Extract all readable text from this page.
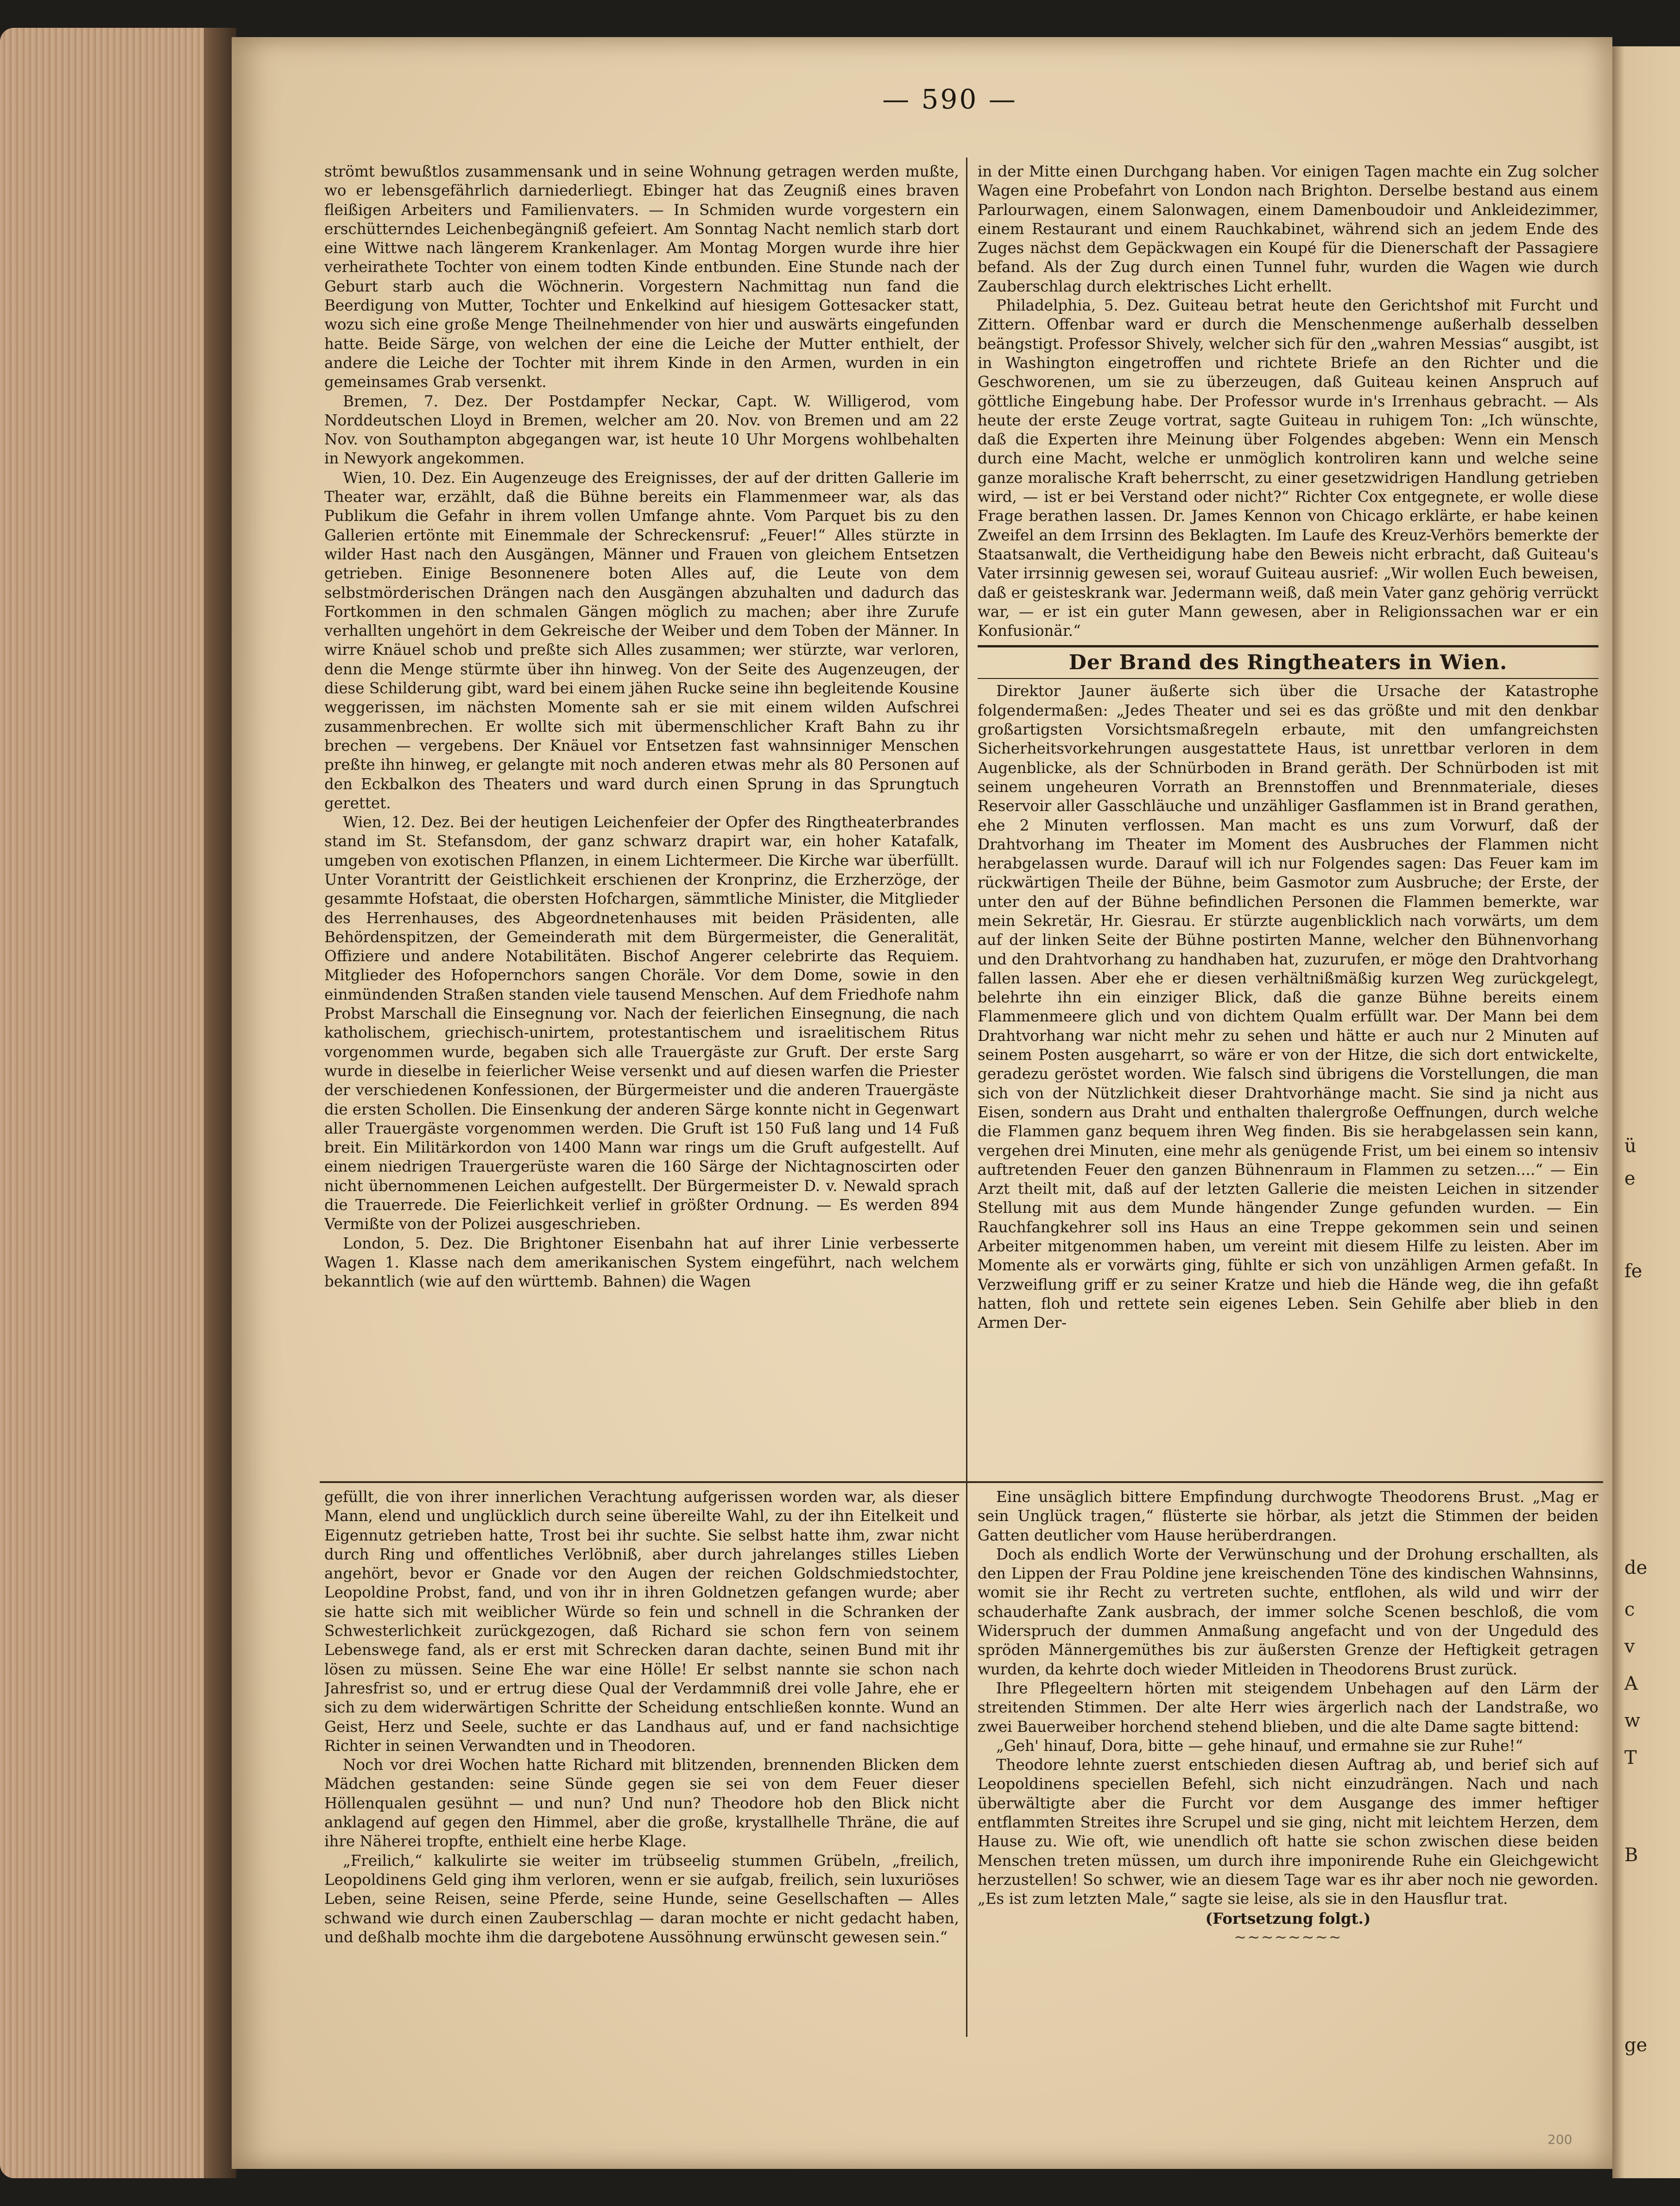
ü
e
fe
de
c
v
A
w
T
ge
B
— 590 —

strömt bewußtlos zusammensank und in seine Wohnung getragen werden mußte, wo er lebensgefährlich darniederliegt. Ebinger hat das Zeugniß eines braven fleißigen Arbeiters und Familienvaters. — In Schmiden wurde vorgestern ein erschütterndes Leichenbegängniß gefeiert. Am Sonntag Nacht nemlich starb dort eine Wittwe nach längerem Krankenlager. Am Montag Morgen wurde ihre hier verheirathete Tochter von einem todten Kinde entbunden. Eine Stunde nach der Geburt starb auch die Wöchnerin. Vorgestern Nachmittag nun fand die Beerdigung von Mutter, Tochter und Enkelkind auf hiesigem Gottesacker statt, wozu sich eine große Menge Theilnehmender von hier und auswärts eingefunden hatte. Beide Särge, von welchen der eine die Leiche der Mutter enthielt, der andere die Leiche der Tochter mit ihrem Kinde in den Armen, wurden in ein gemeinsames Grab versenkt.

Bremen, 7. Dez. Der Postdampfer Neckar, Capt. W. Willigerod, vom Norddeutschen Lloyd in Bremen, welcher am 20. Nov. von Bremen und am 22 Nov. von Southampton abgegangen war, ist heute 10 Uhr Morgens wohlbehalten in Newyork angekommen.

Wien, 10. Dez. Ein Augenzeuge des Ereignisses, der auf der dritten Gallerie im Theater war, erzählt, daß die Bühne bereits ein Flammenmeer war, als das Publikum die Gefahr in ihrem vollen Umfange ahnte. Vom Parquet bis zu den Gallerien ertönte mit Einemmale der Schreckensruf: „Feuer!“ Alles stürzte in wilder Hast nach den Ausgängen, Männer und Frauen von gleichem Entsetzen getrieben. Einige Besonnenere boten Alles auf, die Leute von dem selbstmörderischen Drängen nach den Ausgängen abzuhalten und dadurch das Fortkommen in den schmalen Gängen möglich zu machen; aber ihre Zurufe verhallten ungehört in dem Gekreische der Weiber und dem Toben der Männer. In wirre Knäuel schob und preßte sich Alles zusammen; wer stürzte, war verloren, denn die Menge stürmte über ihn hinweg. Von der Seite des Augenzeugen, der diese Schilderung gibt, ward bei einem jähen Rucke seine ihn begleitende Kousine weggerissen, im nächsten Momente sah er sie mit einem wilden Aufschrei zusammenbrechen. Er wollte sich mit übermenschlicher Kraft Bahn zu ihr brechen — vergebens. Der Knäuel vor Entsetzen fast wahnsinniger Menschen preßte ihn hinweg, er gelangte mit noch anderen etwas mehr als 80 Personen auf den Eckbalkon des Theaters und ward durch einen Sprung in das Sprungtuch gerettet.

Wien, 12. Dez. Bei der heutigen Leichenfeier der Opfer des Ringtheaterbrandes stand im St. Stefansdom, der ganz schwarz drapirt war, ein hoher Katafalk, umgeben von exotischen Pflanzen, in einem Lichtermeer. Die Kirche war überfüllt. Unter Vorantritt der Geistlichkeit erschienen der Kronprinz, die Erzherzöge, der gesammte Hofstaat, die obersten Hofchargen, sämmtliche Minister, die Mitglieder des Herrenhauses, des Abgeordnetenhauses mit beiden Präsidenten, alle Behördenspitzen, der Gemeinderath mit dem Bürgermeister, die Generalität, Offiziere und andere Notabilitäten. Bischof Angerer celebrirte das Requiem. Mitglieder des Hofopernchors sangen Choräle. Vor dem Dome, sowie in den einmündenden Straßen standen viele tausend Menschen. Auf dem Friedhofe nahm Probst Marschall die Einsegnung vor. Nach der feierlichen Einsegnung, die nach katholischem, griechisch-unirtem, protestantischem und israelitischem Ritus vorgenommen wurde, begaben sich alle Trauergäste zur Gruft. Der erste Sarg wurde in dieselbe in feierlicher Weise versenkt und auf diesen warfen die Priester der verschiedenen Konfessionen, der Bürgermeister und die anderen Trauergäste die ersten Schollen. Die Einsenkung der anderen Särge konnte nicht in Gegenwart aller Trauergäste vorgenommen werden. Die Gruft ist 150 Fuß lang und 14 Fuß breit. Ein Militärkordon von 1400 Mann war rings um die Gruft aufgestellt. Auf einem niedrigen Trauergerüste waren die 160 Särge der Nichtagnoscirten oder nicht übernommenen Leichen aufgestellt. Der Bürgermeister D. v. Newald sprach die Trauerrede. Die Feierlichkeit verlief in größter Ordnung. — Es werden 894 Vermißte von der Polizei ausgeschrieben.

London, 5. Dez. Die Brightoner Eisenbahn hat auf ihrer Linie verbesserte Wagen 1. Klasse nach dem amerikanischen System eingeführt, nach welchem bekanntlich (wie auf den württemb. Bahnen) die Wagen

in der Mitte einen Durchgang haben. Vor einigen Tagen machte ein Zug solcher Wagen eine Probefahrt von London nach Brighton. Derselbe bestand aus einem Parlourwagen, einem Salonwagen, einem Damenboudoir und Ankleidezimmer, einem Restaurant und einem Rauchkabinet, während sich an jedem Ende des Zuges nächst dem Gepäckwagen ein Koupé für die Dienerschaft der Passagiere befand. Als der Zug durch einen Tunnel fuhr, wurden die Wagen wie durch Zauberschlag durch elektrisches Licht erhellt.

Philadelphia, 5. Dez. Guiteau betrat heute den Gerichtshof mit Furcht und Zittern. Offenbar ward er durch die Menschenmenge außerhalb desselben beängstigt. Professor Shively, welcher sich für den „wahren Messias“ ausgibt, ist in Washington eingetroffen und richtete Briefe an den Richter und die Geschworenen, um sie zu überzeugen, daß Guiteau keinen Anspruch auf göttliche Eingebung habe. Der Professor wurde in's Irrenhaus gebracht. — Als heute der erste Zeuge vortrat, sagte Guiteau in ruhigem Ton: „Ich wünschte, daß die Experten ihre Meinung über Folgendes abgeben: Wenn ein Mensch durch eine Macht, welche er unmöglich kontroliren kann und welche seine ganze moralische Kraft beherrscht, zu einer gesetzwidrigen Handlung getrieben wird, — ist er bei Verstand oder nicht?“ Richter Cox entgegnete, er wolle diese Frage berathen lassen. Dr. James Kennon von Chicago erklärte, er habe keinen Zweifel an dem Irrsinn des Beklagten. Im Laufe des Kreuz-Verhörs bemerkte der Staatsanwalt, die Vertheidigung habe den Beweis nicht erbracht, daß Guiteau's Vater irrsinnig gewesen sei, worauf Guiteau ausrief: „Wir wollen Euch beweisen, daß er geisteskrank war. Jedermann weiß, daß mein Vater ganz gehörig verrückt war, — er ist ein guter Mann gewesen, aber in Religionssachen war er ein Konfusionär.“

Der Brand des Ringtheaters in Wien.

Direktor Jauner äußerte sich über die Ursache der Katastrophe folgendermaßen: „Jedes Theater und sei es das größte und mit den denkbar großartigsten Vorsichtsmaßregeln erbaute, mit den umfangreichsten Sicherheitsvorkehrungen ausgestattete Haus, ist unrettbar verloren in dem Augenblicke, als der Schnürboden in Brand geräth. Der Schnürboden ist mit seinem ungeheuren Vorrath an Brennstoffen und Brennmateriale, dieses Reservoir aller Gasschläuche und unzähliger Gasflammen ist in Brand gerathen, ehe 2 Minuten verflossen. Man macht es uns zum Vorwurf, daß der Drahtvorhang im Theater im Moment des Ausbruches der Flammen nicht herabgelassen wurde. Darauf will ich nur Folgendes sagen: Das Feuer kam im rückwärtigen Theile der Bühne, beim Gasmotor zum Ausbruche; der Erste, der unter den auf der Bühne befindlichen Personen die Flammen bemerkte, war mein Sekretär, Hr. Giesrau. Er stürzte augenblicklich nach vorwärts, um dem auf der linken Seite der Bühne postirten Manne, welcher den Bühnenvorhang und den Drahtvorhang zu handhaben hat, zuzurufen, er möge den Drahtvorhang fallen lassen. Aber ehe er diesen verhältnißmäßig kurzen Weg zurückgelegt, belehrte ihn ein einziger Blick, daß die ganze Bühne bereits einem Flammenmeere glich und von dichtem Qualm erfüllt war. Der Mann bei dem Drahtvorhang war nicht mehr zu sehen und hätte er auch nur 2 Minuten auf seinem Posten ausgeharrt, so wäre er von der Hitze, die sich dort entwickelte, geradezu geröstet worden. Wie falsch sind übrigens die Vorstellungen, die man sich von der Nützlichkeit dieser Drahtvorhänge macht. Sie sind ja nicht aus Eisen, sondern aus Draht und enthalten thalergroße Oeffnungen, durch welche die Flammen ganz bequem ihren Weg finden. Bis sie herabgelassen sein kann, vergehen drei Minuten, eine mehr als genügende Frist, um bei einem so intensiv auftretenden Feuer den ganzen Bühnenraum in Flammen zu setzen....“ — Ein Arzt theilt mit, daß auf der letzten Gallerie die meisten Leichen in sitzender Stellung mit aus dem Munde hängender Zunge gefunden wurden. — Ein Rauchfangkehrer soll ins Haus an eine Treppe gekommen sein und seinen Arbeiter mitgenommen haben, um vereint mit diesem Hilfe zu leisten. Aber im Momente als er vorwärts ging, fühlte er sich von unzähligen Armen gefaßt. In Verzweiflung griff er zu seiner Kratze und hieb die Hände weg, die ihn gefaßt hatten, floh und rettete sein eigenes Leben. Sein Gehilfe aber blieb in den Armen Der-

gefüllt, die von ihrer innerlichen Verachtung aufgerissen worden war, als dieser Mann, elend und unglücklich durch seine übereilte Wahl, zu der ihn Eitelkeit und Eigennutz getrieben hatte, Trost bei ihr suchte. Sie selbst hatte ihm, zwar nicht durch Ring und offentliches Verlöbniß, aber durch jahrelanges stilles Lieben angehört, bevor er Gnade vor den Augen der reichen Goldschmiedstochter, Leopoldine Probst, fand, und von ihr in ihren Goldnetzen gefangen wurde; aber sie hatte sich mit weiblicher Würde so fein und schnell in die Schranken der Schwesterlichkeit zurückgezogen, daß Richard sie schon fern von seinem Lebenswege fand, als er erst mit Schrecken daran dachte, seinen Bund mit ihr lösen zu müssen. Seine Ehe war eine Hölle! Er selbst nannte sie schon nach Jahresfrist so, und er ertrug diese Qual der Verdammniß drei volle Jahre, ehe er sich zu dem widerwärtigen Schritte der Scheidung entschließen konnte. Wund an Geist, Herz und Seele, suchte er das Landhaus auf, und er fand nachsichtige Richter in seinen Verwandten und in Theodoren.

Noch vor drei Wochen hatte Richard mit blitzenden, brennenden Blicken dem Mädchen gestanden: seine Sünde gegen sie sei von dem Feuer dieser Höllenqualen gesühnt — und nun? Und nun? Theodore hob den Blick nicht anklagend auf gegen den Himmel, aber die große, krystallhelle Thräne, die auf ihre Näherei tropfte, enthielt eine herbe Klage.

„Freilich,“ kalkulirte sie weiter im trübseelig stummen Grübeln, „freilich, Leopoldinens Geld ging ihm verloren, wenn er sie aufgab, freilich, sein luxuriöses Leben, seine Reisen, seine Pferde, seine Hunde, seine Gesellschaften — Alles schwand wie durch einen Zauberschlag — daran mochte er nicht gedacht haben, und deßhalb mochte ihm die dargebotene Aussöhnung erwünscht gewesen sein.“

Eine unsäglich bittere Empfindung durchwogte Theodorens Brust. „Mag er sein Unglück tragen,“ flüsterte sie hörbar, als jetzt die Stimmen der beiden Gatten deutlicher vom Hause herüberdrangen.

Doch als endlich Worte der Verwünschung und der Drohung erschallten, als den Lippen der Frau Poldine jene kreischenden Töne des kindischen Wahnsinns, womit sie ihr Recht zu vertreten suchte, entflohen, als wild und wirr der schauderhafte Zank ausbrach, der immer solche Scenen beschloß, die vom Widerspruch der dummen Anmaßung angefacht und von der Ungeduld des spröden Männergemüthes bis zur äußersten Grenze der Heftigkeit getragen wurden, da kehrte doch wieder Mitleiden in Theodorens Brust zurück.

Ihre Pflegeeltern hörten mit steigendem Unbehagen auf den Lärm der streitenden Stimmen. Der alte Herr wies ärgerlich nach der Landstraße, wo zwei Bauerweiber horchend stehend blieben, und die alte Dame sagte bittend:

„Geh' hinauf, Dora, bitte — gehe hinauf, und ermahne sie zur Ruhe!“

Theodore lehnte zuerst entschieden diesen Auftrag ab, und berief sich auf Leopoldinens speciellen Befehl, sich nicht einzudrängen. Nach und nach überwältigte aber die Furcht vor dem Ausgange des immer heftiger entflammten Streites ihre Scrupel und sie ging, nicht mit leichtem Herzen, dem Hause zu. Wie oft, wie unendlich oft hatte sie schon zwischen diese beiden Menschen treten müssen, um durch ihre imponirende Ruhe ein Gleichgewicht herzustellen! So schwer, wie an diesem Tage war es ihr aber noch nie geworden. „Es ist zum letzten Male,“ sagte sie leise, als sie in den Hausflur trat.

(Fortsetzung folgt.)

~~~~~~~~

200
